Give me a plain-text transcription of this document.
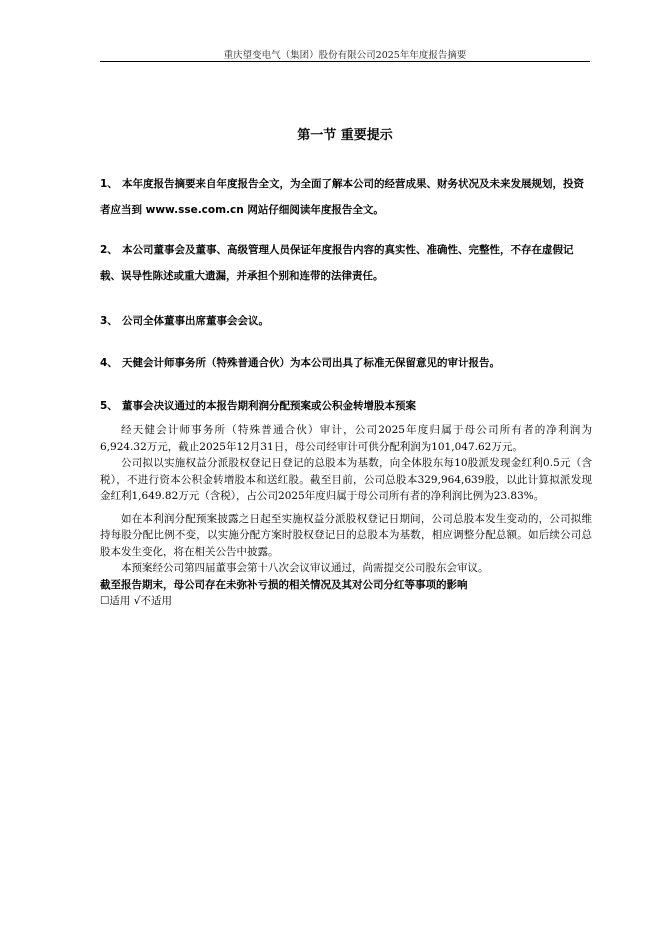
重庆望变电气（集团）股份有限公司2025年年度报告摘要
第一节 重要提示
1、 本年度报告摘要来自年度报告全文，为全面了解本公司的经营成果、财务状况及未来发展规划，投资者应当到 www.sse.com.cn 网站仔细阅读年度报告全文。
2、 本公司董事会及董事、高级管理人员保证年度报告内容的真实性、准确性、完整性，不存在虚假记载、误导性陈述或重大遗漏，并承担个别和连带的法律责任。
3、 公司全体董事出席董事会会议。
4、 天健会计师事务所（特殊普通合伙）为本公司出具了标准无保留意见的审计报告。
5、 董事会决议通过的本报告期利润分配预案或公积金转增股本预案

经天健会计师事务所（特殊普通合伙）审计，公司2025年度归属于母公司所有者的净利润为6,924.32万元，截止2025年12月31日，母公司经审计可供分配利润为101,047.62万元。

公司拟以实施权益分派股权登记日登记的总股本为基数，向全体股东每10股派发现金红利0.5元（含税），不进行资本公积金转增股本和送红股。截至目前，公司总股本329,964,639股，以此计算拟派发现金红利1,649.82万元（含税），占公司2025年度归属于母公司所有者的净利润比例为23.83%。

如在本利润分配预案披露之日起至实施权益分派股权登记日期间，公司总股本发生变动的，公司拟维持每股分配比例不变，以实施分配方案时股权登记日的总股本为基数，相应调整分配总额。如后续公司总股本发生变化，将在相关公告中披露。

本预案经公司第四届董事会第十八次会议审议通过，尚需提交公司股东会审议。

截至报告期末，母公司存在未弥补亏损的相关情况及其对公司分红等事项的影响

☐适用 √不适用
